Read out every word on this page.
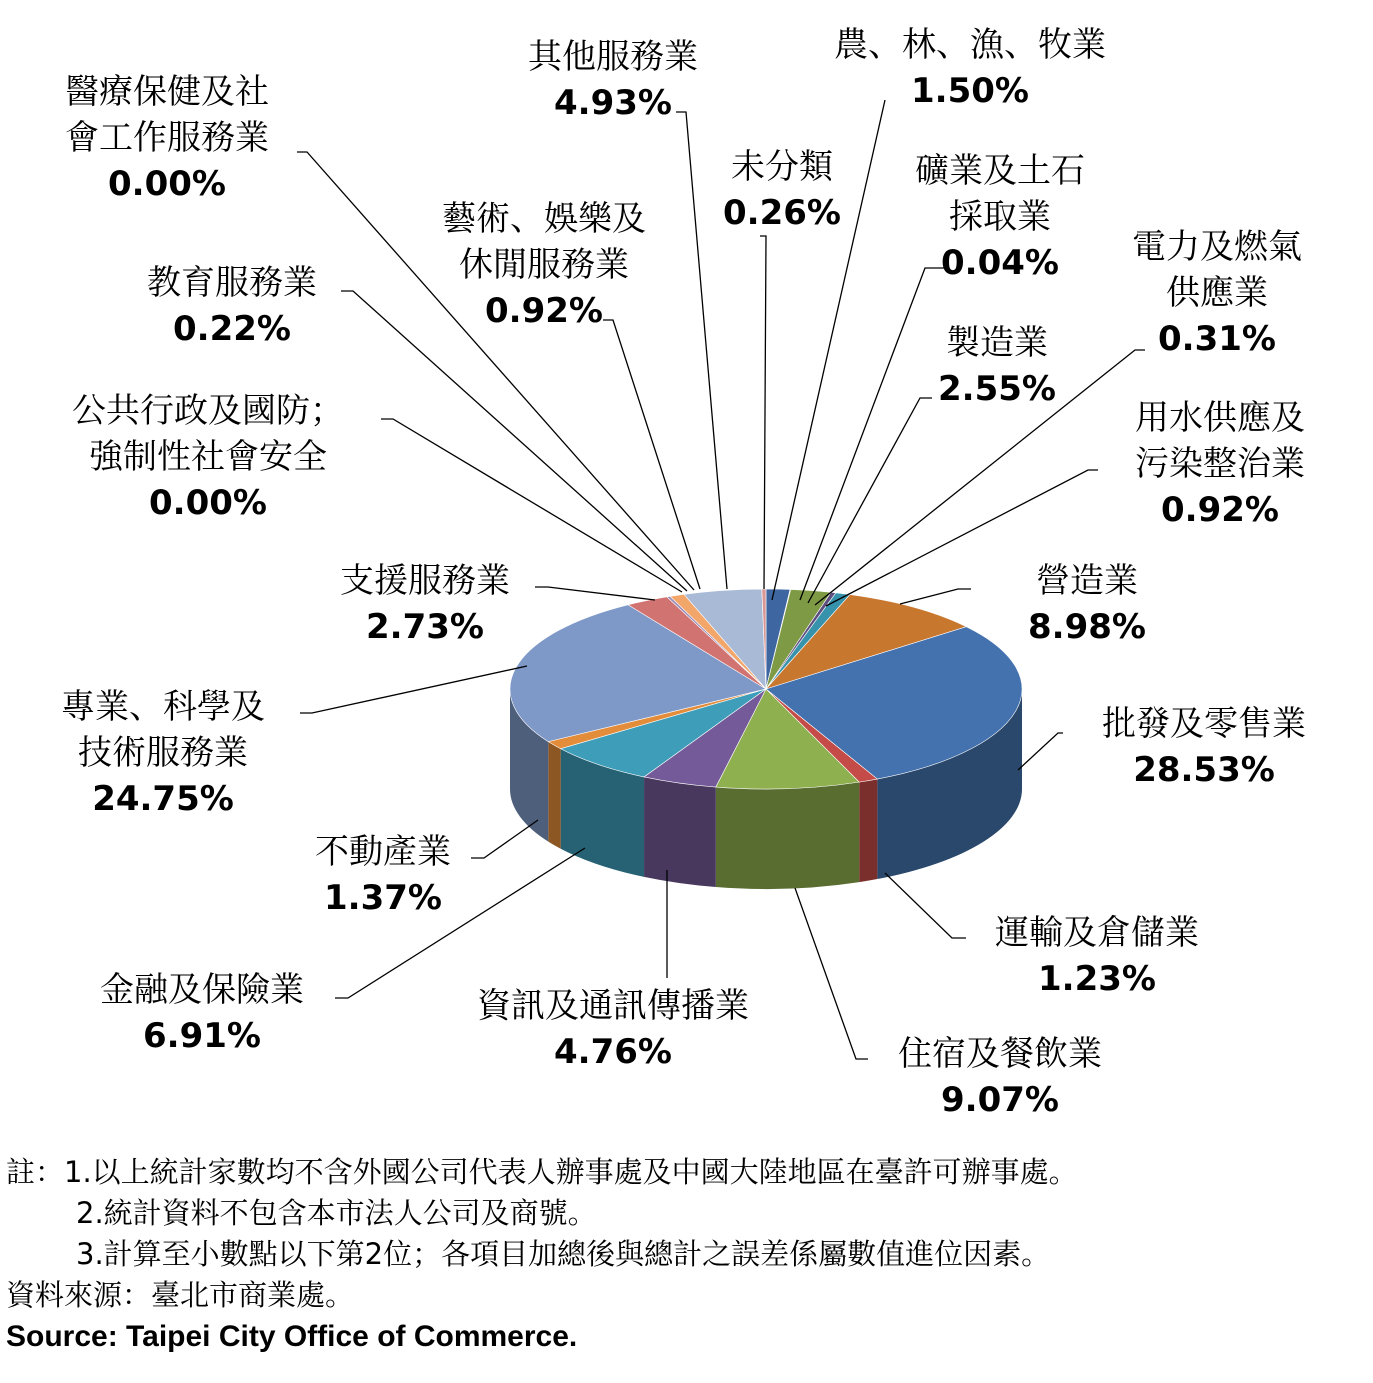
農、林、漁、牧業
1.50%
礦業及土石
採取業
0.04%
製造業
2.55%
電力及燃氣
供應業
0.31%
用水供應及
污染整治業
0.92%
營造業
8.98%
批發及零售業
28.53%
運輸及倉儲業
1.23%
住宿及餐飲業
9.07%
資訊及通訊傳播業
4.76%
金融及保險業
6.91%
不動產業
1.37%
專業、科學及
技術服務業
24.75%
支援服務業
2.73%
公共行政及國防；
強制性社會安全
0.00%
教育服務業
0.22%
醫療保健及社
會工作服務業
0.00%
藝術、娛樂及
休閒服務業
0.92%
其他服務業
4.93%
未分類
0.26%
註：1.以上統計家數均不含外國公司代表人辦事處及中國大陸地區在臺許可辦事處。
2.統計資料不包含本市法人公司及商號。
3.計算至小數點以下第2位；各項目加總後與總計之誤差係屬數值進位因素。
資料來源：臺北市商業處。
Source: Taipei City Office of Commerce.
